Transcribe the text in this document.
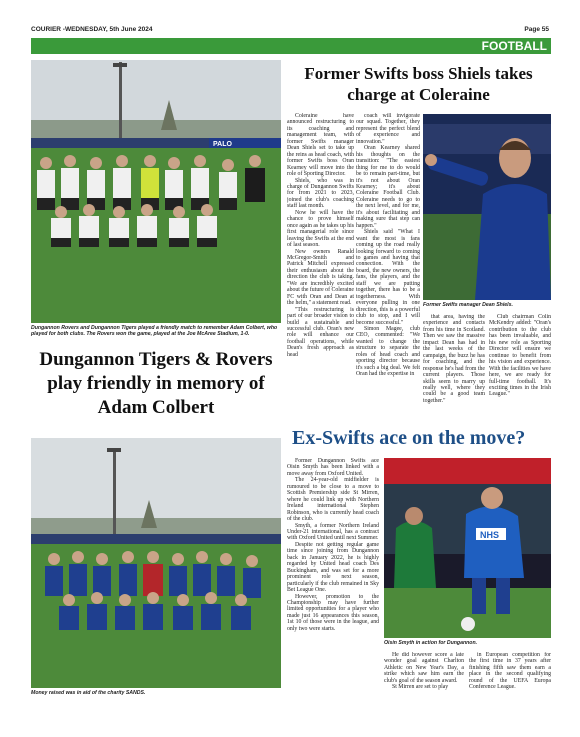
COURIER -WEDNESDAY, 5th June 2024	Page 55
FOOTBALL
PALO
Dungannon Rovers and Dungannon Tigers played a friendly match to remember Adam Colbert, who played for both clubs. The Rovers won the game, played at the Joe McAree Stadium, 1-0.
Dungannon Tigers & Rovers play friendly in memory of Adam Colbert
Money raised was in aid of the charity SANDS.
Former Swifts boss Shiels takes charge at Coleraine

Coleraine have announced restructuring to its coaching and management team, with former Swifts manager Dean Shiels set to take up the reins as head coach, with former Swifts boss Oran Kearney will move into the role of Sporting Director.

Shiels, who was in charge of Dungannon Swifts for from 2021 to 2023, joined the club's coaching staff last month.

Now he will have the chance to prove himself once again as he takes up his first managerial role since leaving the Swifts at the end of last season.

New owners Ranald McGregor-Smith and Patrick Mitchell expressed their enthusiasm about the direction the club is taking. "We are incredibly excited about the future of Coleraine FC with Oran and Dean at the helm," a statement read.

"This restructuring is part of our broader vision to build a sustainable and successful club. Oran's new role will enhance our football operations, while Dean's fresh approach as head

coach will invigorate our squad. Together, they represent the perfect blend of experience and innovation."

Oran Kearney shared his thoughts on the transition: "The easiest thing for me to do would be to remain part-time, but it's not about Oran Kearney; it's about Coleraine Football Club. Coleraine needs to go to the next level, and for me, it's about facilitating and making sure that step can happen."

Shiels said "What I want the most is fans coming up the road really looking forward to coming to games and having that connection. With the board, the new owners, the fans, the players, and the staff we are putting together, there has to be a togetherness. With everyone pulling in one direction, this is a powerful club to stop, and I will become successful."

Simon Magee, club CEO, commented: "We wanted to change the structure to separate the roles of head coach and sporting director because it's such a big deal. We felt Oran had the expertise in

Former Swifts manager Dean Shiels.

that area, having the experience and contacts from his time in Scotland. Then we saw the massive impact Dean has had in the last weeks of the campaign, the buzz he has for coaching, and the response he's had from the current players. Those skills seem to marry up really well, where they could be a good team together."

Club chairman Colin McKendry added: "Oran's contribution to the club has been invaluable, and his new role as Sporting Director will ensure we continue to benefit from his vision and experience. With the facilities we have here, we are ready for full-time football. It's exciting times in the Irish League."

Ex-Swifts ace on the move?

Former Dungannon Swifts ace Oisin Smyth has been linked with a move away from Oxford United.

The 24-year-old midfielder is rumoured to be close to a move to Scottish Premiership side St Mirren, where he could link up with Northern Ireland international Stephen Robinson, who is currently head coach of the club.

Smyth, a former Northern Ireland Under-21 international, has a contract with Oxford United until next Summer.

Despite not getting regular game time since joining from Dungannon back in January 2022, he is highly regarded by United head coach Des Buckingham, and was set for a more prominent role next season, particularly if the club remained in Sky Bet League One.

However, promotion to the Championship may have further limited opportunities for a player who made just 16 appearances this season, 1st 10 of those were in the league, and only two were starts.

NHS
Oisin Smyth in action for Dungannon.

He did however score a late wonder goal against Charlton Athletic on New Year's Day, a strike which saw him earn the club's goal of the season award.

St Mirren are set to play

in European competition for the first time in 37 years after finishing fifth saw them earn a place in the second qualifying round of the UEFA Europa Conference League.
